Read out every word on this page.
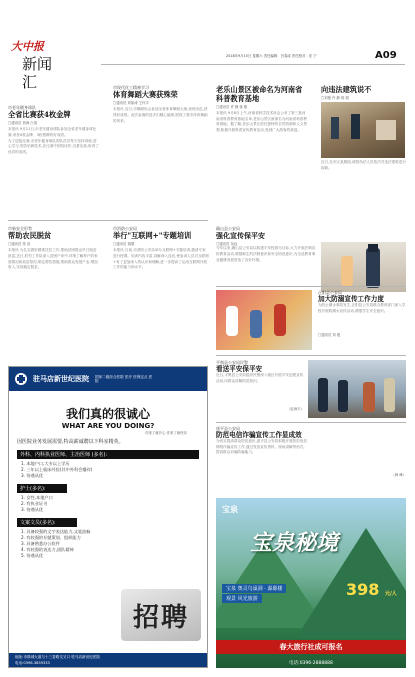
大中报
新闻
汇
2018年9月15日 星期六 责任编辑：吕春成 责任校对：皮 宁	A09
市老年健身球队
全省比赛获4枚金牌
□通讯员 刘涛 白清
本报讯 9月11日,市老年健身球队参加全省老年健身球比赛,荣获4枚金牌、3枚银牌的好成绩。
为了迎接比赛,市老年健身球队的队员们每天坚持训练,虚心学习,刻苦钻研技术,在比赛中团结协作,沉着应战,取得了优异的成绩。
市现代化工精神学习
体育舞蹈大赛获殊荣
□通讯员 刘如涛 王怀宇
本报讯 近日,市舞蹈协会参加全省体育舞蹈大赛,表现出色,获得好成绩。此次参赛的选手们精心编排,展现了我市体育舞蹈的风采。
老乐山景区被命名为河南省科普教育基地
□通讯员 许 静 蒋 聪
本报讯 9月8日上午,河南省科学技术协会公布了第三批河南省科普教育基地名单,老乐山景区被命名为河南省科普教育基地。据了解,老乐山景区依托独特的自然资源和人文景观,积极开展科普宣传教育活动,受到广大游客的欢迎。
向违法建筑说不
□刘曼 许 静 蒋 聪
近日,在市区某路段,城管执法人员依法对违法建筑进行拆除。
市新安全形势
帮助农民脱贫
□通讯员 张 治
本报讯 为扎实做好精准扶贫工作,帮助贫困群众早日脱贫致富,近日,驻村工作队深入贫困户家中,详细了解每户的家庭情况和致贫原因,制定帮扶措施,帮助群众发展产业,增加收入,实现稳定脱贫。
市消防公安局
举行"互联网+"专题培训
□通讯员 钱德
本报讯 日前,市消防公安局举办互联网+专题培训,邀请专家进行授课。培训内容丰富,讲解深入浅出,使参训人员对互联网+有了更加深入的认识和理解,进一步提高了运用互联网开展工作的能力和水平。
确山县公安局
强化宣传保平安
□通讯员 吴远
今年以来,确山县公安局以构建平安校园为目标,大力开展法制宣传教育活动,增强师生的法制意识和安全防范意识,为全县教育事业健康发展营造了良好环境。
正阳县公安局
加大防溺宣传工作力度
为防止溺水事故发生,正阳县公安局联合教育部门深入学校开展防溺水宣传活动,增强学生安全意识。
□通讯员 刘 艳
平舆县公安局民警
看送平安保平安
近日,平舆县公安局组织民警深入辖区开展平安创建宣传活动,向群众讲解防范知识。
（赵雨丰）
遂平县公安局
防范电信诈骗宣传工作显成效
为切实提高群众防范意识,遂平县公安局积极开展防范电信网络诈骗宣传工作,通过发放宣传资料、现场讲解等形式,提高群众识骗防骗能力。
（韩 峰）
驻马店新世纪医院 国家二级综合医院 医疗 医保定点 医院
我们真的很诚心
WHAT ARE YOU DOING?
你来了就开心 你来了就快乐
因医院业务发展需要,特高薪诚聘以下科室精英。
外科、内科执业医师、主治医师 (多名):
1. 本地户口,大专以上学历
2. 三年以上临床经验(其中外科会爆炸)
3. 待遇从优
护士(多名):
1. 女性,本地户口
2. 有执业证书
3. 待遇从优
文案文员(多名):
1. 具备较强的文字表达能力,文笔流畅
2. 有较强的专题策划、组织能力
3. 具备熟悉办公软件
4. 有较强的表达力,团队精神
5. 待遇从优
招聘
地址:市驿城大道与十三香路交叉口 驻马店新世纪医院
电话:0396-3839333
宝泉
宝泉秘境
宝泉 奥灵鸟巢洞 · 瀑塬楼
观景 风光旅游	398 元/人
春大旅行社成可报名
电话:0396-2888888
